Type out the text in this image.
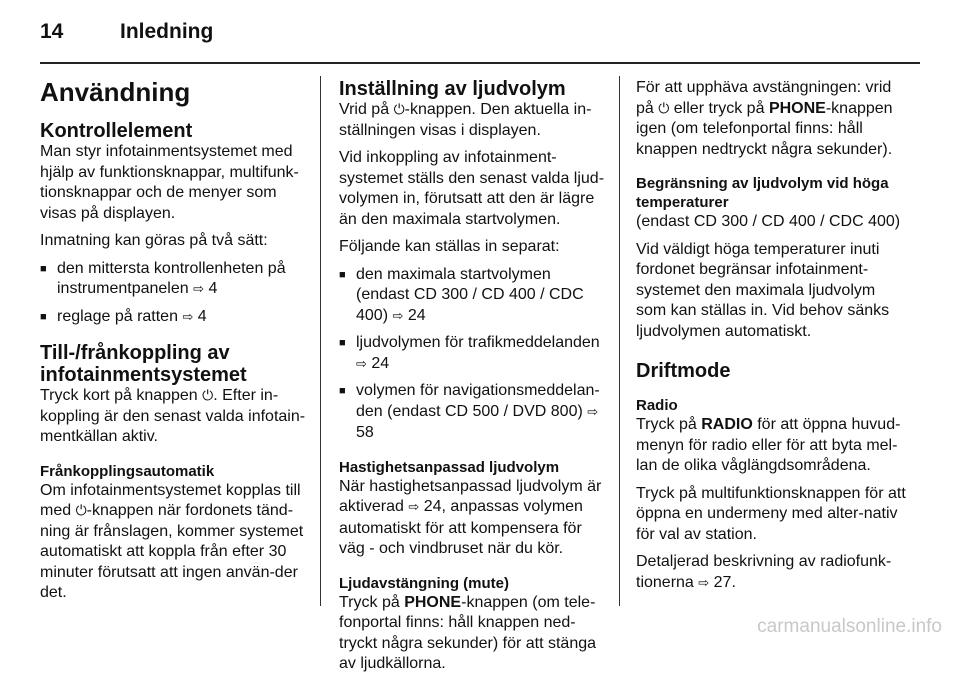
14	Inledning
Användning
Kontrollelement

Man styr infotainmentsystemet med hjälp av funktionsknappar, multifunk-tionsknappar och de menyer som visas på displayen.

Inmatning kan göras på två sätt:

■ den mittersta kontrollenheten på instrumentpanelen ⇨ 4
■ reglage på ratten ⇨ 4
Till-/frånkoppling av infotainmentsystemet

Tryck kort på knappen ⏻. Efter in-koppling är den senast valda infotain-mentkällan aktiv.

Frånkopplingsautomatik

Om infotainmentsystemet kopplas till med ⏻-knappen när fordonets tänd-ning är frånslagen, kommer systemet automatiskt att koppla från efter 30 minuter förutsatt att ingen använ-der det.

Inställning av ljudvolym

Vrid på ⏻-knappen. Den aktuella in-ställningen visas i displayen.

Vid inkoppling av infotainment-systemet ställs den senast valda ljud-volymen in, förutsatt att den är lägre än den maximala startvolymen.

Följande kan ställas in separat:

■ den maximala startvolymen (endast CD 300 / CD 400 / CDC 400) ⇨ 24
■ ljudvolymen för trafikmeddelanden ⇨ 24
■ volymen för navigationsmeddelan-den (endast CD 500 / DVD 800) ⇨ 58
Hastighetsanpassad ljudvolym

När hastighetsanpassad ljudvolym är aktiverad ⇨ 24, anpassas volymen automatiskt för att kompensera för väg - och vindbruset när du kör.

Ljudavstängning (mute)

Tryck på PHONE-knappen (om tele-fonportal finns: håll knappen ned-tryckt några sekunder) för att stänga av ljudkällorna.

För att upphäva avstängningen: vrid på ⏻ eller tryck på PHONE-knappen igen (om telefonportal finns: håll knappen nedtryckt några sekunder).

Begränsning av ljudvolym vid höga temperaturer

(endast CD 300 / CD 400 / CDC 400)

Vid väldigt höga temperaturer inuti fordonet begränsar infotainment-systemet den maximala ljudvolym som kan ställas in. Vid behov sänks ljudvolymen automatiskt.

Driftmode
Radio

Tryck på RADIO för att öppna huvud-menyn för radio eller för att byta mel-lan de olika våglängdsområdena.

Tryck på multifunktionsknappen för att öppna en undermeny med alter-nativ för val av station.

Detaljerad beskrivning av radiofunk-tionerna ⇨ 27.

carmanualsonline.info
